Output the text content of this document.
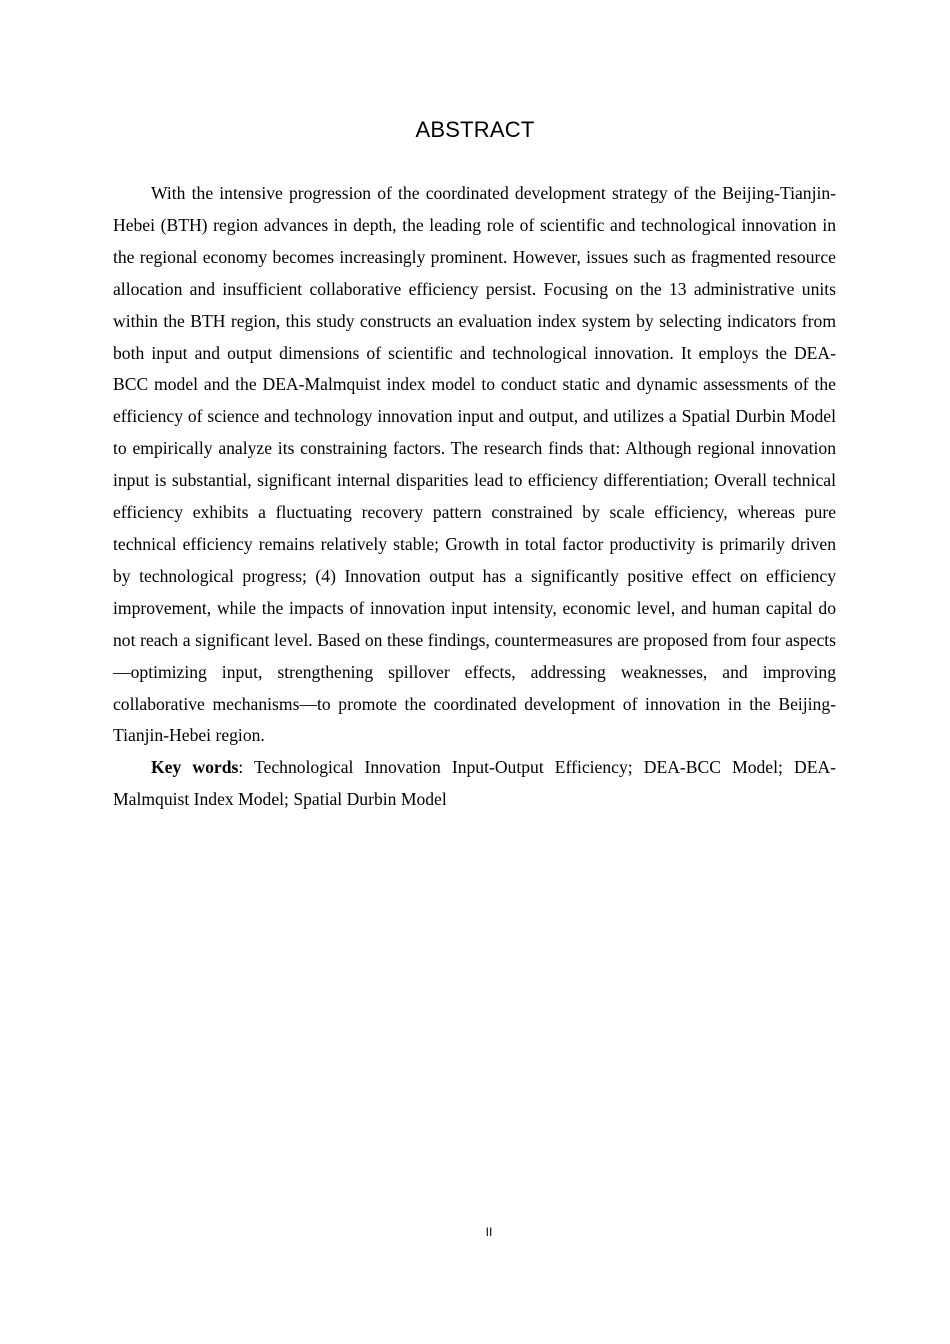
ABSTRACT

With the intensive progression of the coordinated development strategy of the Beijing-Tianjin-Hebei (BTH) region advances in depth, the leading role of scientific and technological innovation in the regional economy becomes increasingly prominent. However, issues such as fragmented resource allocation and insufficient collaborative efficiency persist. Focusing on the 13 administrative units within the BTH region, this study constructs an evaluation index system by selecting indicators from both input and output dimensions of scientific and technological innovation. It employs the DEA-BCC model and the DEA-Malmquist index model to conduct static and dynamic assessments of the efficiency of science and technology innovation input and output, and utilizes a Spatial Durbin Model to empirically analyze its constraining factors. The research finds that: Although regional innovation input is substantial, significant internal disparities lead to efficiency differentiation; Overall technical efficiency exhibits a fluctuating recovery pattern constrained by scale efficiency, whereas pure technical efficiency remains relatively stable; Growth in total factor productivity is primarily driven by technological progress; (4) Innovation output has a significantly positive effect on efficiency improvement, while the impacts of innovation input intensity, economic level, and human capital do not reach a significant level. Based on these findings, countermeasures are proposed from four aspects—optimizing input, strengthening spillover effects, addressing weaknesses, and improving collaborative mechanisms—to promote the coordinated development of innovation in the Beijing-Tianjin-Hebei region.

Key words: Technological Innovation Input-Output Efficiency; DEA-BCC Model; DEA-Malmquist Index Model; Spatial Durbin Model

II
